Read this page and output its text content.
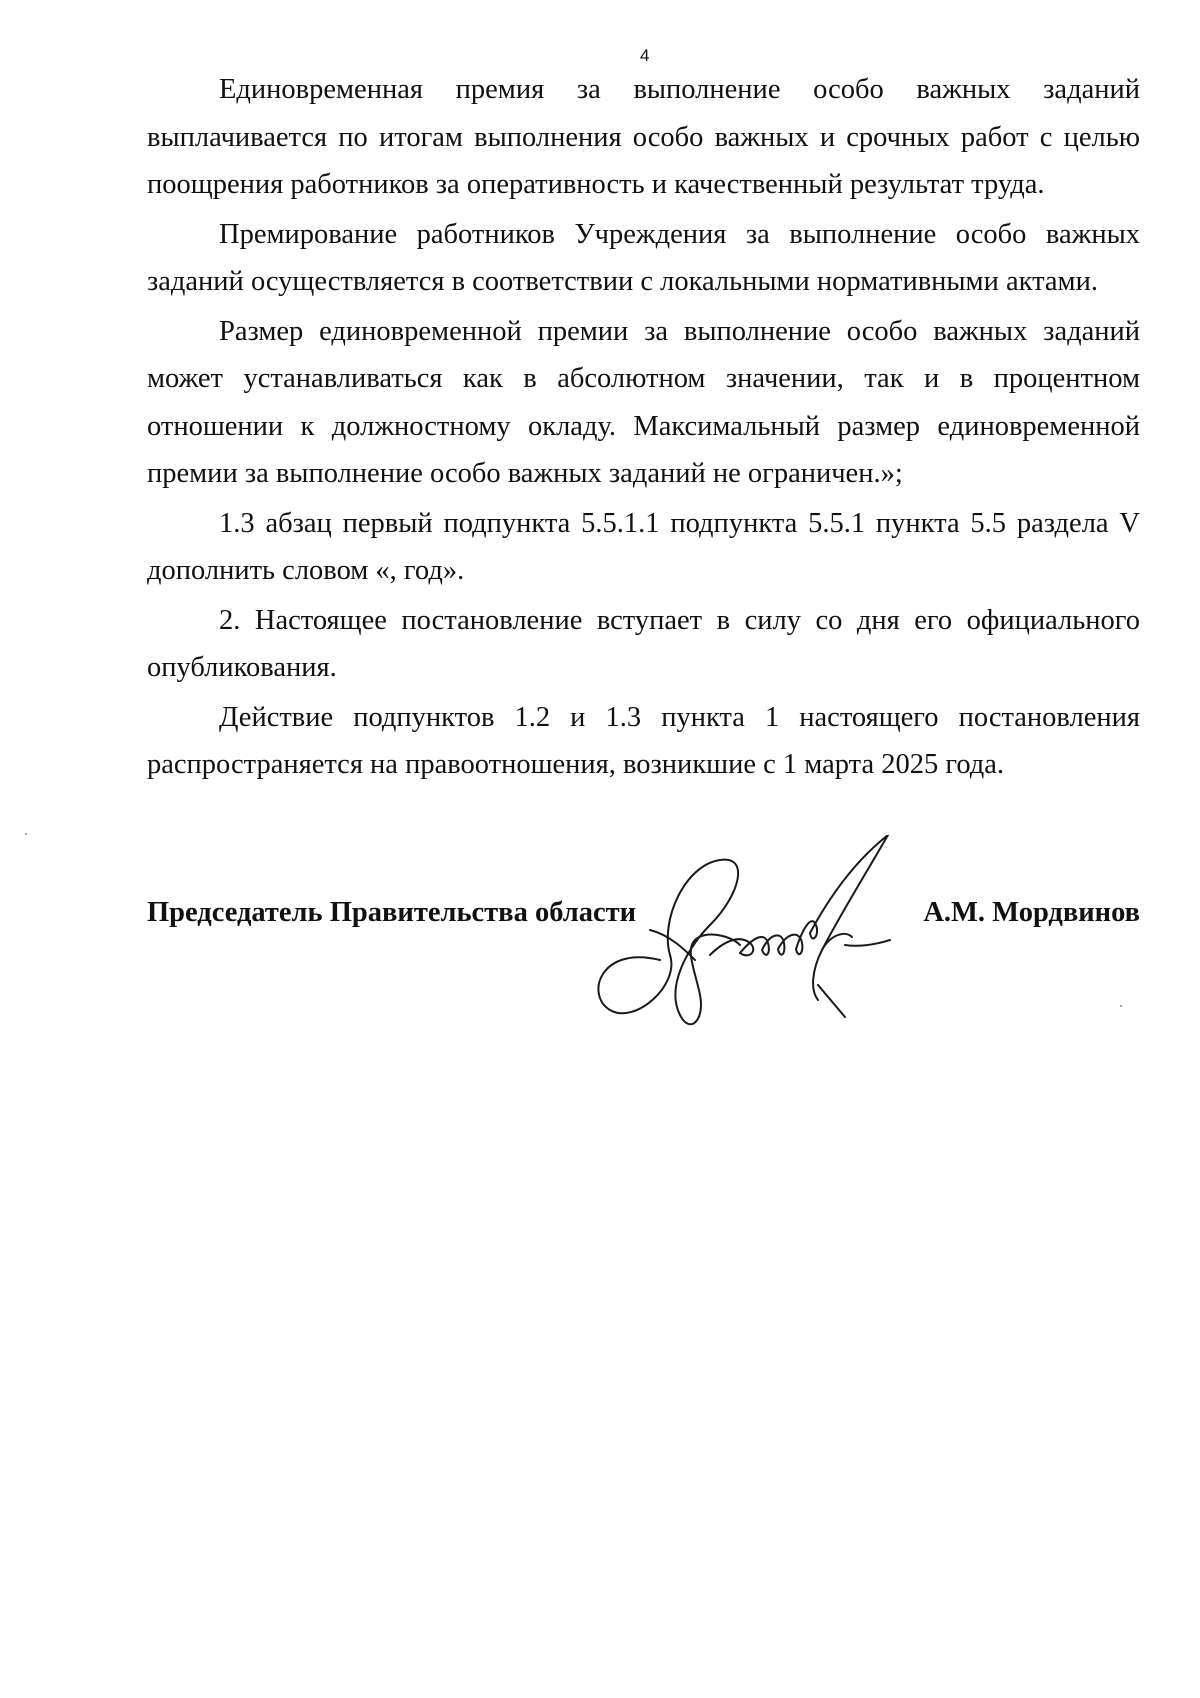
4

Единовременная премия за выполнение особо важных заданий выплачивается по итогам выполнения особо важных и срочных работ с целью поощрения работников за оперативность и качественный результат труда.

Премирование работников Учреждения за выполнение особо важных заданий осуществляется в соответствии с локальными нормативными актами.

Размер единовременной премии за выполнение особо важных заданий может устанавливаться как в абсолютном значении, так и в процентном отношении к должностному окладу. Максимальный размер единовременной премии за выполнение особо важных заданий не ограничен.»;

1.3 абзац первый подпункта 5.5.1.1 подпункта 5.5.1 пункта 5.5 раздела V дополнить словом «, год».

2. Настоящее постановление вступает в силу со дня его официального опубликования.

Действие подпунктов 1.2 и 1.3 пункта 1 настоящего постановления распространяется на правоотношения, возникшие с 1 марта 2025 года.

Председатель Правительства области	А.М. Мордвинов
